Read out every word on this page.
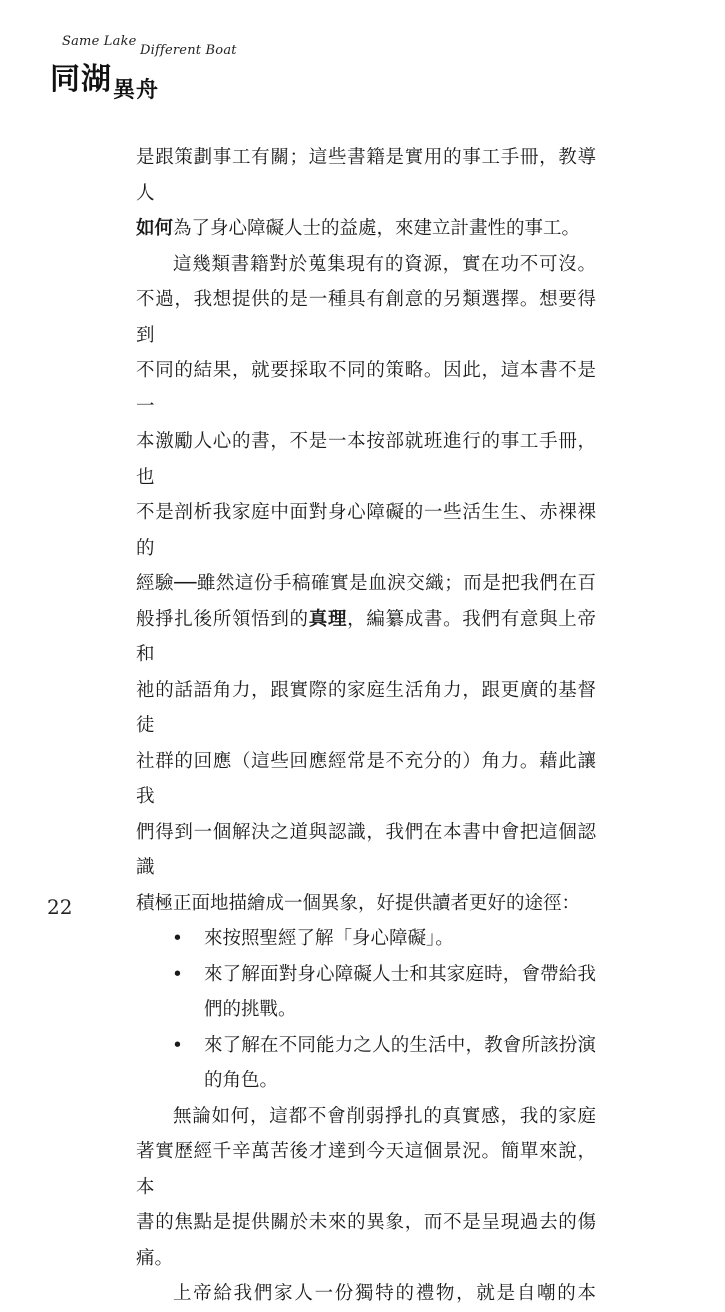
Same Lake
Different Boat
同湖$_{異舟}$

是跟策劃事工有關；這些書籍是實用的事工手冊，教導人
如何為了身心障礙人士的益處，來建立計畫性的事工。

這幾類書籍對於蒐集現有的資源，實在功不可沒。

不過，我想提供的是一種具有創意的另類選擇。想要得到
不同的結果，就要採取不同的策略。因此，這本書不是一
本激勵人心的書，不是一本按部就班進行的事工手冊，也
不是剖析我家庭中面對身心障礙的一些活生生、赤裸裸的
經驗──雖然這份手稿確實是血淚交織；而是把我們在百
般掙扎後所領悟到的真理，編纂成書。我們有意與上帝和
祂的話語角力，跟實際的家庭生活角力，跟更廣的基督徒
社群的回應（這些回應經常是不充分的）角力。藉此讓我
們得到一個解決之道與認識，我們在本書中會把這個認識
積極正面地描繪成一個異象，好提供讀者更好的途徑：

• 來按照聖經了解「身心障礙」。
• 來了解面對身心障礙人士和其家庭時，會帶給我
們的挑戰。
• 來了解在不同能力之人的生活中，教會所該扮演
的角色。

無論如何，這都不會削弱掙扎的真實感，我的家庭

著實歷經千辛萬苦後才達到今天這個景況。簡單來說，本
書的焦點是提供關於未來的異象，而不是呈現過去的傷
痛。

上帝給我們家人一份獨特的禮物，就是自嘲的本

22
